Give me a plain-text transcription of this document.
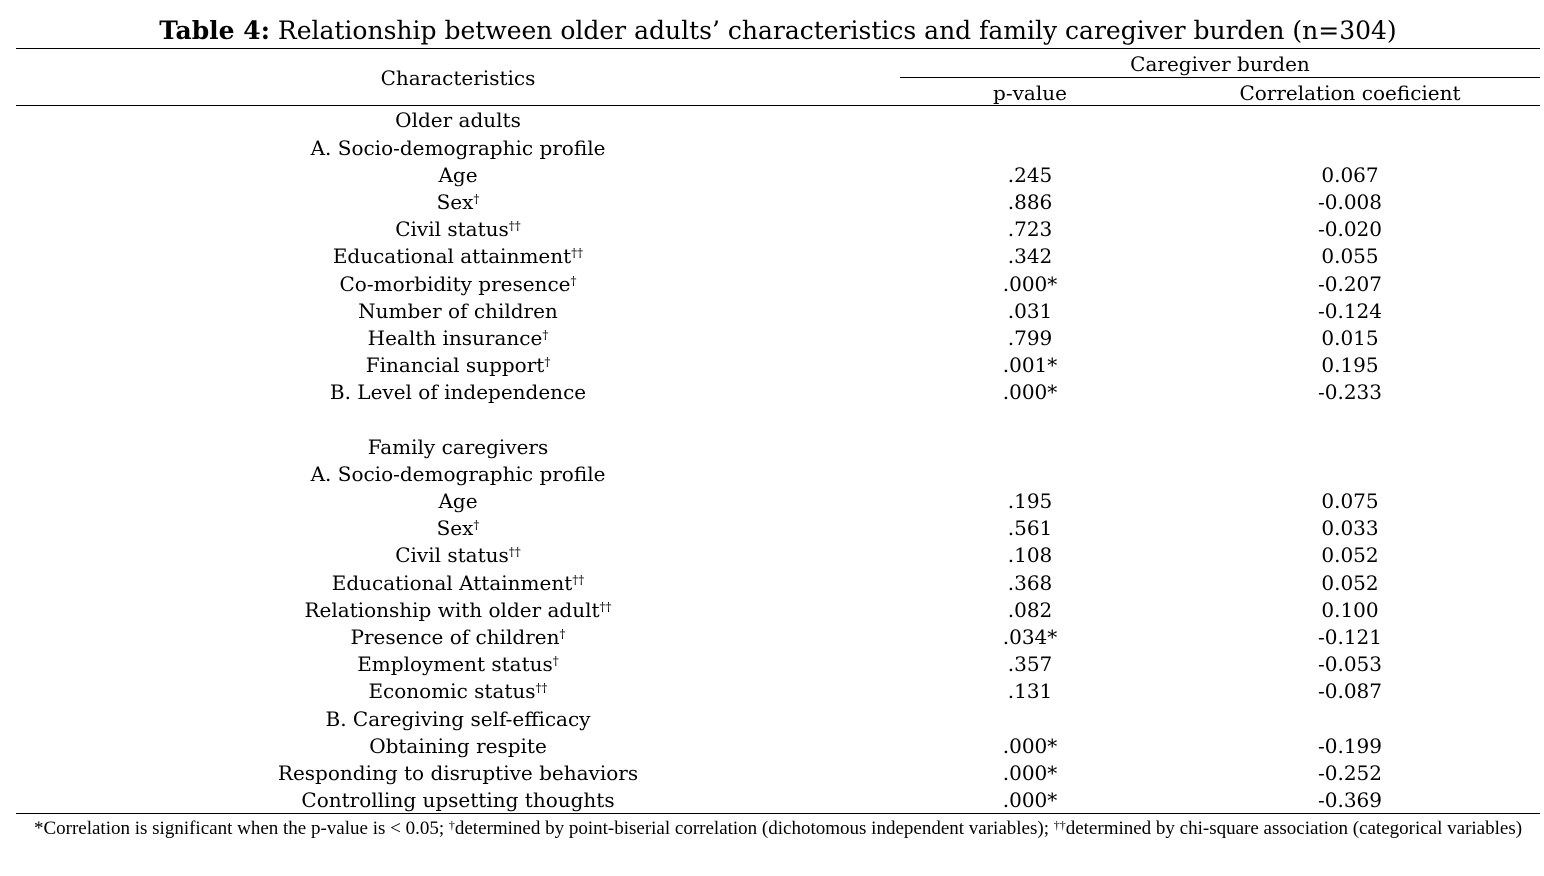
Table 4: Relationship between older adults’ characteristics and family caregiver burden (n=304)
Characteristics
Caregiver burden
p-value	Correlation coeficient
Older adults
A. Socio-demographic profile
Age	.245	0.067
Sex†	.886	-0.008
Civil status††	.723	-0.020
Educational attainment††	.342	0.055
Co-morbidity presence†	.000*	-0.207
Number of children	.031	-0.124
Health insurance†	.799	0.015
Financial support†	.001*	0.195
B. Level of independence	.000*	-0.233
Family caregivers
A. Socio-demographic profile
Age	.195	0.075
Sex†	.561	0.033
Civil status††	.108	0.052
Educational Attainment††	.368	0.052
Relationship with older adult††	.082	0.100
Presence of children†	.034*	-0.121
Employment status†	.357	-0.053
Economic status††	.131	-0.087
B. Caregiving self-efficacy
Obtaining respite	.000*	-0.199
Responding to disruptive behaviors	.000*	-0.252
Controlling upsetting thoughts	.000*	-0.369
*Correlation is significant when the p-value is < 0.05; †determined by point-biserial correlation (dichotomous independent variables); ††determined by chi-square association (categorical variables)
